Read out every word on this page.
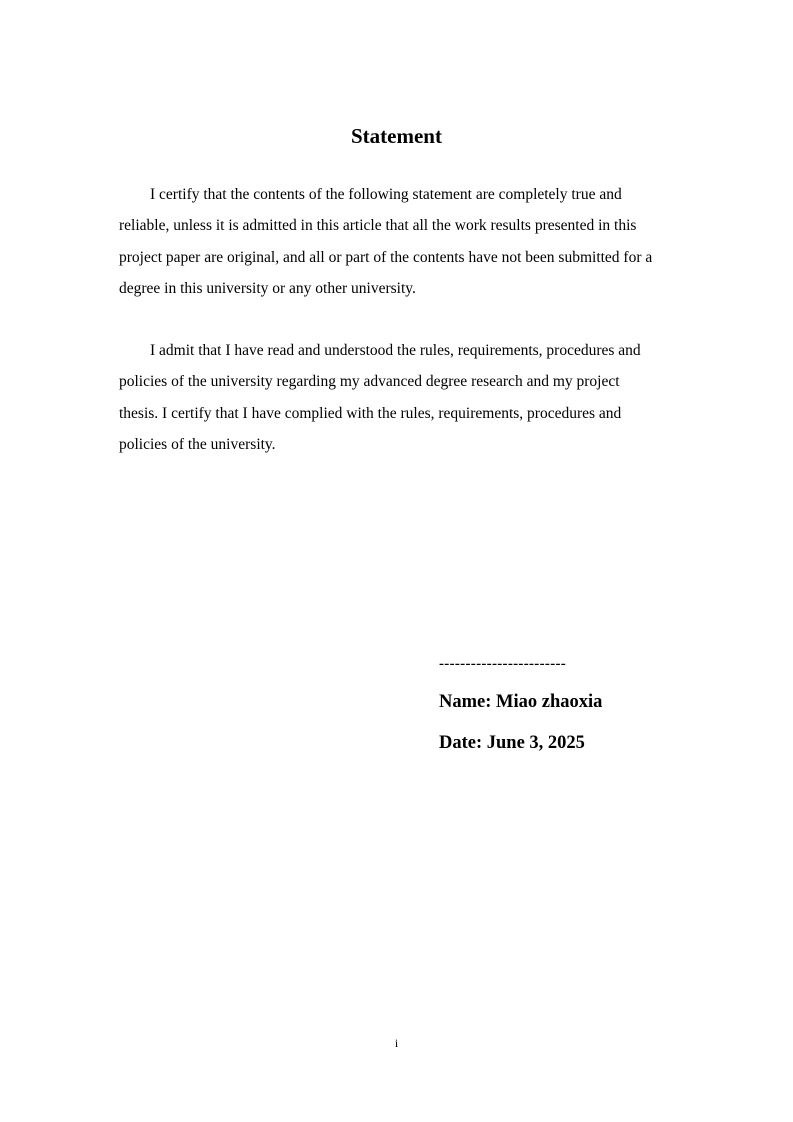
Statement
I certify that the contents of the following statement are completely true and
reliable, unless it is admitted in this article that all the work results presented in this
project paper are original, and all or part of the contents have not been submitted for a
degree in this university or any other university.
I admit that I have read and understood the rules, requirements, procedures and
policies of the university regarding my advanced degree research and my project
thesis. I certify that I have complied with the rules, requirements, procedures and
policies of the university.
------------------------
Name: Miao zhaoxia
Date: June 3, 2025
i
